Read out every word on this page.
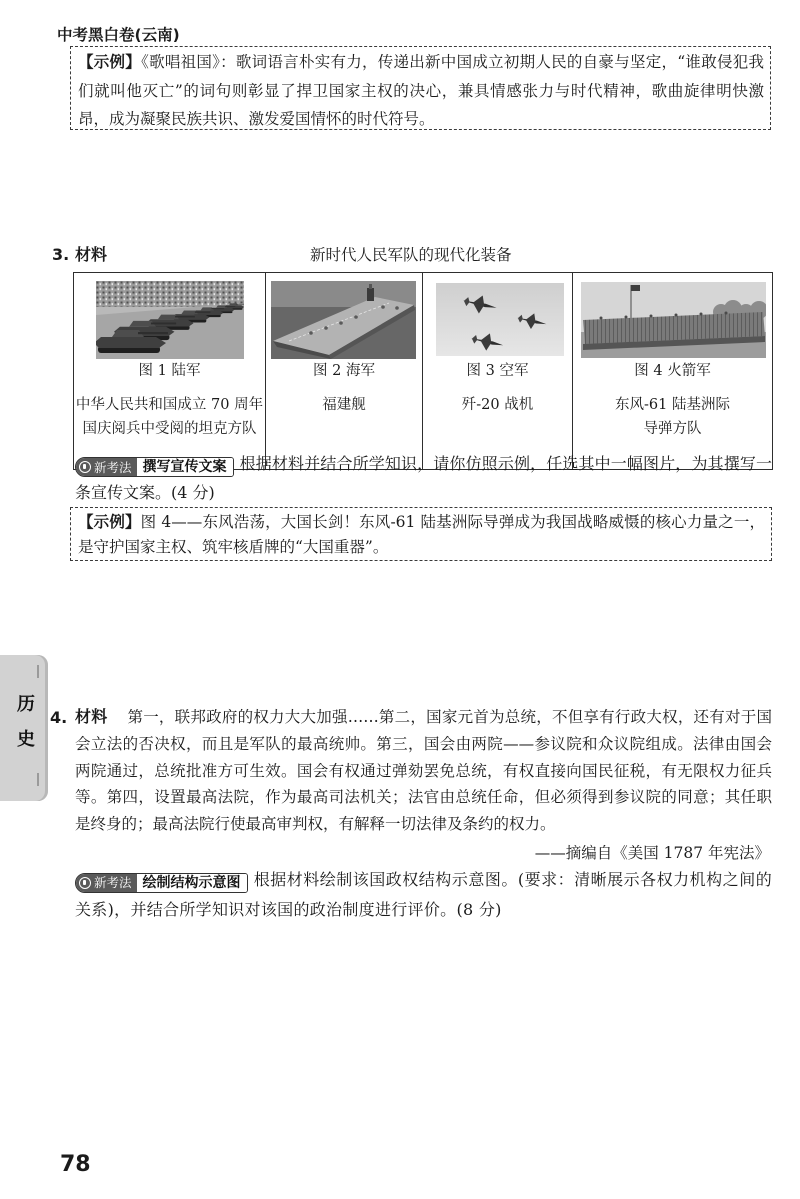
中考黑白卷(云南)
【示例】《歌唱祖国》：歌词语言朴实有力，传递出新中国成立初期人民的自豪与坚定，“谁敢侵犯我们就叫他灭亡”的词句则彰显了捍卫国家主权的决心，兼具情感张力与时代精神，歌曲旋律明快激昂，成为凝聚民族共识、激发爱国情怀的时代符号。
3. 材料	新时代人民军队的现代化装备
图 1 陆军
中华人民共和国成立 70 周年
国庆阅兵中受阅的坦克方队
图 2 海军
福建舰
图 3 空军
歼-20 战机
图 4 火箭军
东风-61 陆基洲际
导弹方队
新考法 撰写宣传文案 根据材料并结合所学知识，请你仿照示例，任选其中一幅图片，为其撰写一条宣传文案。(4 分)
【示例】图 4——东风浩荡，大国长剑！东风-61 陆基洲际导弹成为我国战略威慑的核心力量之一，是守护国家主权、筑牢核盾牌的“大国重器”。
历史 4. 材料 第一，联邦政府的权力大大加强……第二，国家元首为总统，不但享有行政大权，还有对于国会立法的否决权，而且是军队的最高统帅。第三，国会由两院——参议院和众议院组成。法律由国会两院通过，总统批准方可生效。国会有权通过弹劾罢免总统，有权直接向国民征税，有无限权力征兵等。第四，设置最高法院，作为最高司法机关；法官由总统任命，但必须得到参议院的同意；其任职是终身的；最高法院行使最高审判权，有解释一切法律及条约的权力。
——摘编自《美国 1787 年宪法》
新考法 绘制结构示意图 根据材料绘制该国政权结构示意图。(要求：清晰展示各权力机构之间的关系)，并结合所学知识对该国的政治制度进行评价。(8 分)
78
